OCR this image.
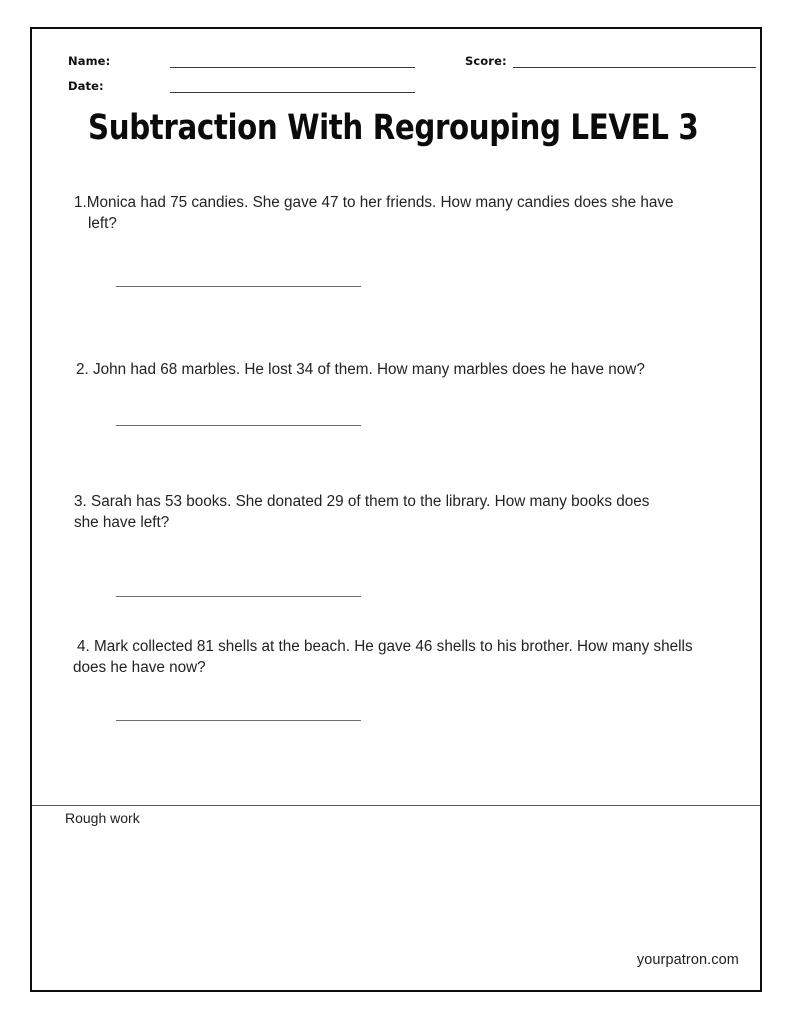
Name:
Date:
Score:
Subtraction With Regrouping LEVEL 3
1.Monica had 75 candies. She gave 47 to her friends. How many candies does she have
left?
2. John had 68 marbles. He lost 34 of them. How many marbles does he have now?
3. Sarah has 53 books. She donated 29 of them to the library. How many books does
she have left?
4. Mark collected 81 shells at the beach. He gave 46 shells to his brother. How many shells
does he have now?
Rough work
yourpatron.com
